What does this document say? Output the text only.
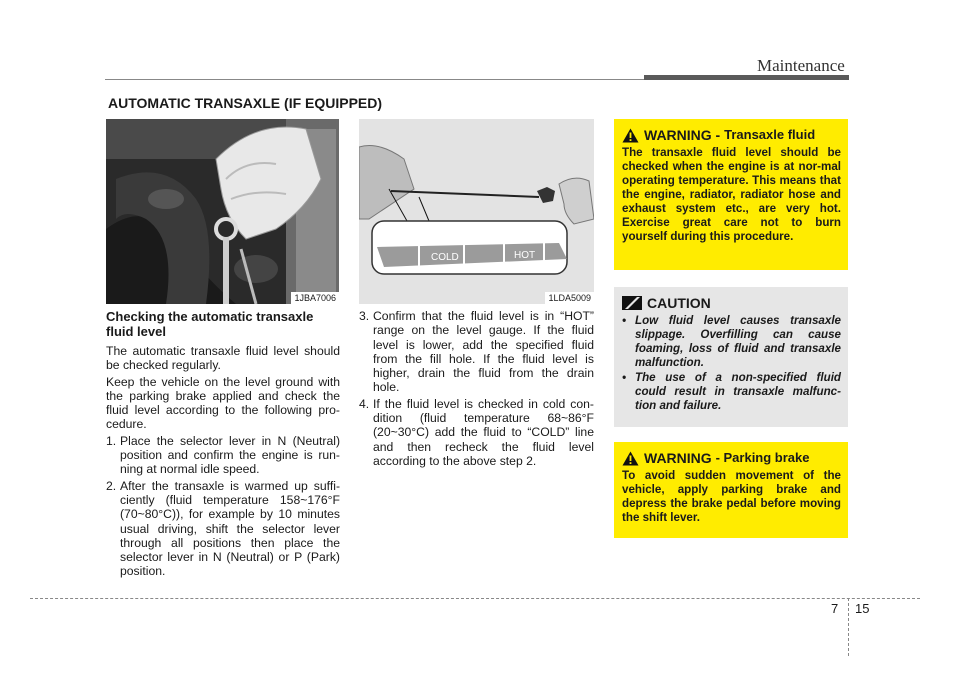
Maintenance
AUTOMATIC TRANSAXLE (IF EQUIPPED)
1JBA7006
COLD	HOT
1LDA5009
Checking the automatic transaxle fluid level

The automatic transaxle fluid level should be checked regularly.

Keep the vehicle on the level ground with the parking brake applied and check the fluid level according to the following pro-cedure.

1. Place the selector lever in N (Neutral) position and confirm the engine is run-ning at normal idle speed.
2. After the transaxle is warmed up suffi-ciently (fluid temperature 158~176°F (70~80°C)), for example by 10 minutes usual driving, shift the selector lever through all positions then place the selector lever in N (Neutral) or P (Park) position.
3. Confirm that the fluid level is in “HOT” range on the level gauge. If the fluid level is lower, add the specified fluid from the fill hole. If the fluid level is higher, drain the fluid from the drain hole.
4. If the fluid level is checked in cold con-dition (fluid temperature 68~86°F (20~30°C) add the fluid to “COLD” line and then recheck the fluid level according to the above step 2.
WARNING -
Transaxle fluid
The transaxle fluid level should be checked when the engine is at nor-mal operating temperature. This means that the engine, radiator, radiator hose and exhaust system etc., are very hot. Exercise great care not to burn yourself during this procedure.
CAUTION
• Low fluid level causes transaxle slippage. Overfilling can cause foaming, loss of fluid and transaxle malfunction.
• The use of a non-specified fluid could result in transaxle malfunc-tion and failure.
WARNING
- Parking brake
To avoid sudden movement of the vehicle, apply parking brake and depress the brake pedal before moving the shift lever.
7 15
